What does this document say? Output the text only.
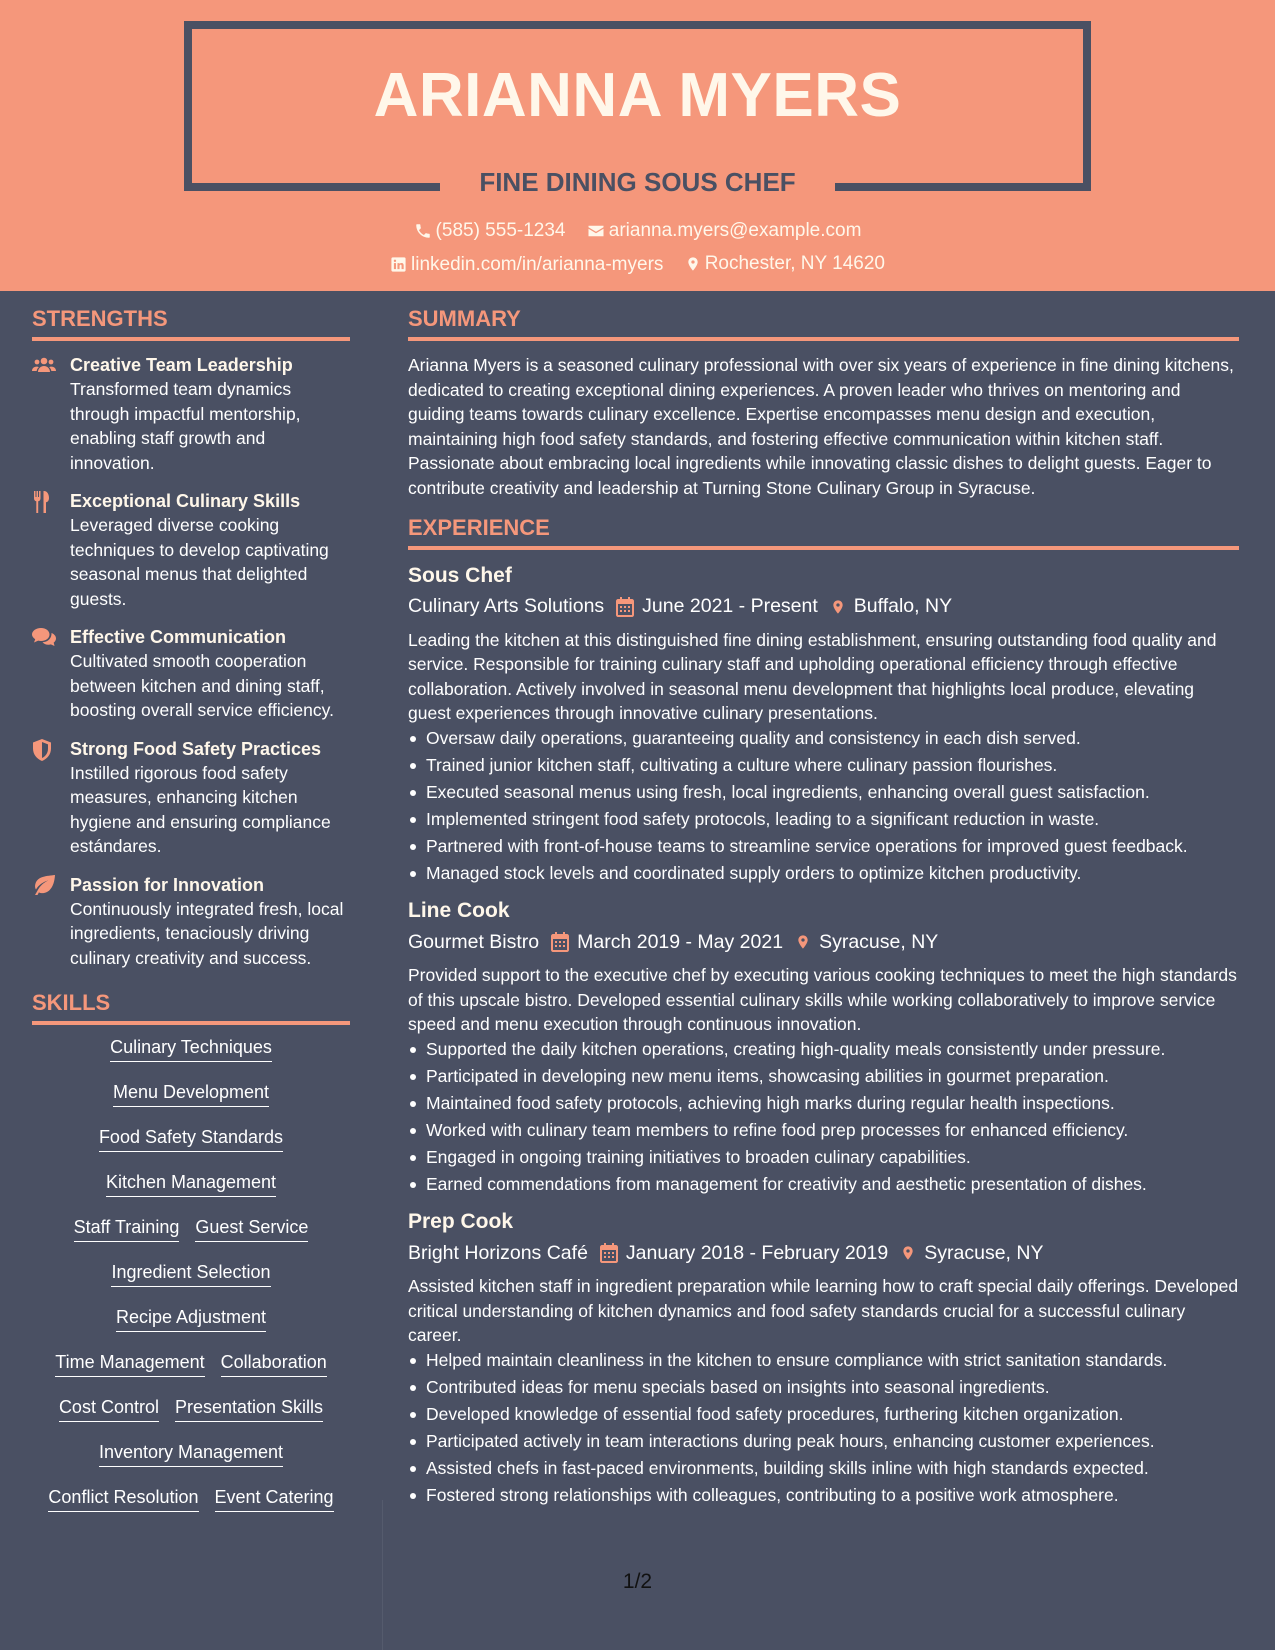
ARIANNA MYERS
FINE DINING SOUS CHEF
(585) 555-1234
arianna.myers@example.com
linkedin.com/in/arianna-myers
Rochester, NY 14620
STRENGTHS
Creative Team Leadership

Transformed team dynamics through impactful mentorship, enabling staff growth and innovation.

Exceptional Culinary Skills

Leveraged diverse cooking techniques to develop captivating seasonal menus that delighted guests.

Effective Communication

Cultivated smooth cooperation between kitchen and dining staff, boosting overall service efficiency.

Strong Food Safety Practices

Instilled rigorous food safety measures, enhancing kitchen hygiene and ensuring compliance estándares.

Passion for Innovation

Continuously integrated fresh, local ingredients, tenaciously driving culinary creativity and success.

SKILLS
Culinary Techniques
Menu Development
Food Safety Standards
Kitchen Management
Staff Training Guest Service
Ingredient Selection
Recipe Adjustment
Time Management Collaboration
Cost Control Presentation Skills
Inventory Management
Conflict Resolution Event Catering
SUMMARY

Arianna Myers is a seasoned culinary professional with over six years of experience in fine dining kitchens, dedicated to creating exceptional dining experiences. A proven leader who thrives on mentoring and guiding teams towards culinary excellence. Expertise encompasses menu design and execution, maintaining high food safety standards, and fostering effective communication within kitchen staff. Passionate about embracing local ingredients while innovating classic dishes to delight guests. Eager to contribute creativity and leadership at Turning Stone Culinary Group in Syracuse.

EXPERIENCE
Sous Chef
Culinary Arts Solutions June 2021 - Present Buffalo, NY

Leading the kitchen at this distinguished fine dining establishment, ensuring outstanding food quality and service. Responsible for training culinary staff and upholding operational efficiency through effective collaboration. Actively involved in seasonal menu development that highlights local produce, elevating guest experiences through innovative culinary presentations.

Oversaw daily operations, guaranteeing quality and consistency in each dish served.
Trained junior kitchen staff, cultivating a culture where culinary passion flourishes.
Executed seasonal menus using fresh, local ingredients, enhancing overall guest satisfaction.
Implemented stringent food safety protocols, leading to a significant reduction in waste.
Partnered with front-of-house teams to streamline service operations for improved guest feedback.
Managed stock levels and coordinated supply orders to optimize kitchen productivity.
Line Cook
Gourmet Bistro March 2019 - May 2021 Syracuse, NY

Provided support to the executive chef by executing various cooking techniques to meet the high standards of this upscale bistro. Developed essential culinary skills while working collaboratively to improve service speed and menu execution through continuous innovation.

Supported the daily kitchen operations, creating high-quality meals consistently under pressure.
Participated in developing new menu items, showcasing abilities in gourmet preparation.
Maintained food safety protocols, achieving high marks during regular health inspections.
Worked with culinary team members to refine food prep processes for enhanced efficiency.
Engaged in ongoing training initiatives to broaden culinary capabilities.
Earned commendations from management for creativity and aesthetic presentation of dishes.
Prep Cook
Bright Horizons Café January 2018 - February 2019 Syracuse, NY

Assisted kitchen staff in ingredient preparation while learning how to craft special daily offerings. Developed critical understanding of kitchen dynamics and food safety standards crucial for a successful culinary career.

Helped maintain cleanliness in the kitchen to ensure compliance with strict sanitation standards.
Contributed ideas for menu specials based on insights into seasonal ingredients.
Developed knowledge of essential food safety procedures, furthering kitchen organization.
Participated actively in team interactions during peak hours, enhancing customer experiences.
Assisted chefs in fast-paced environments, building skills inline with high standards expected.
Fostered strong relationships with colleagues, contributing to a positive work atmosphere.
1/2
